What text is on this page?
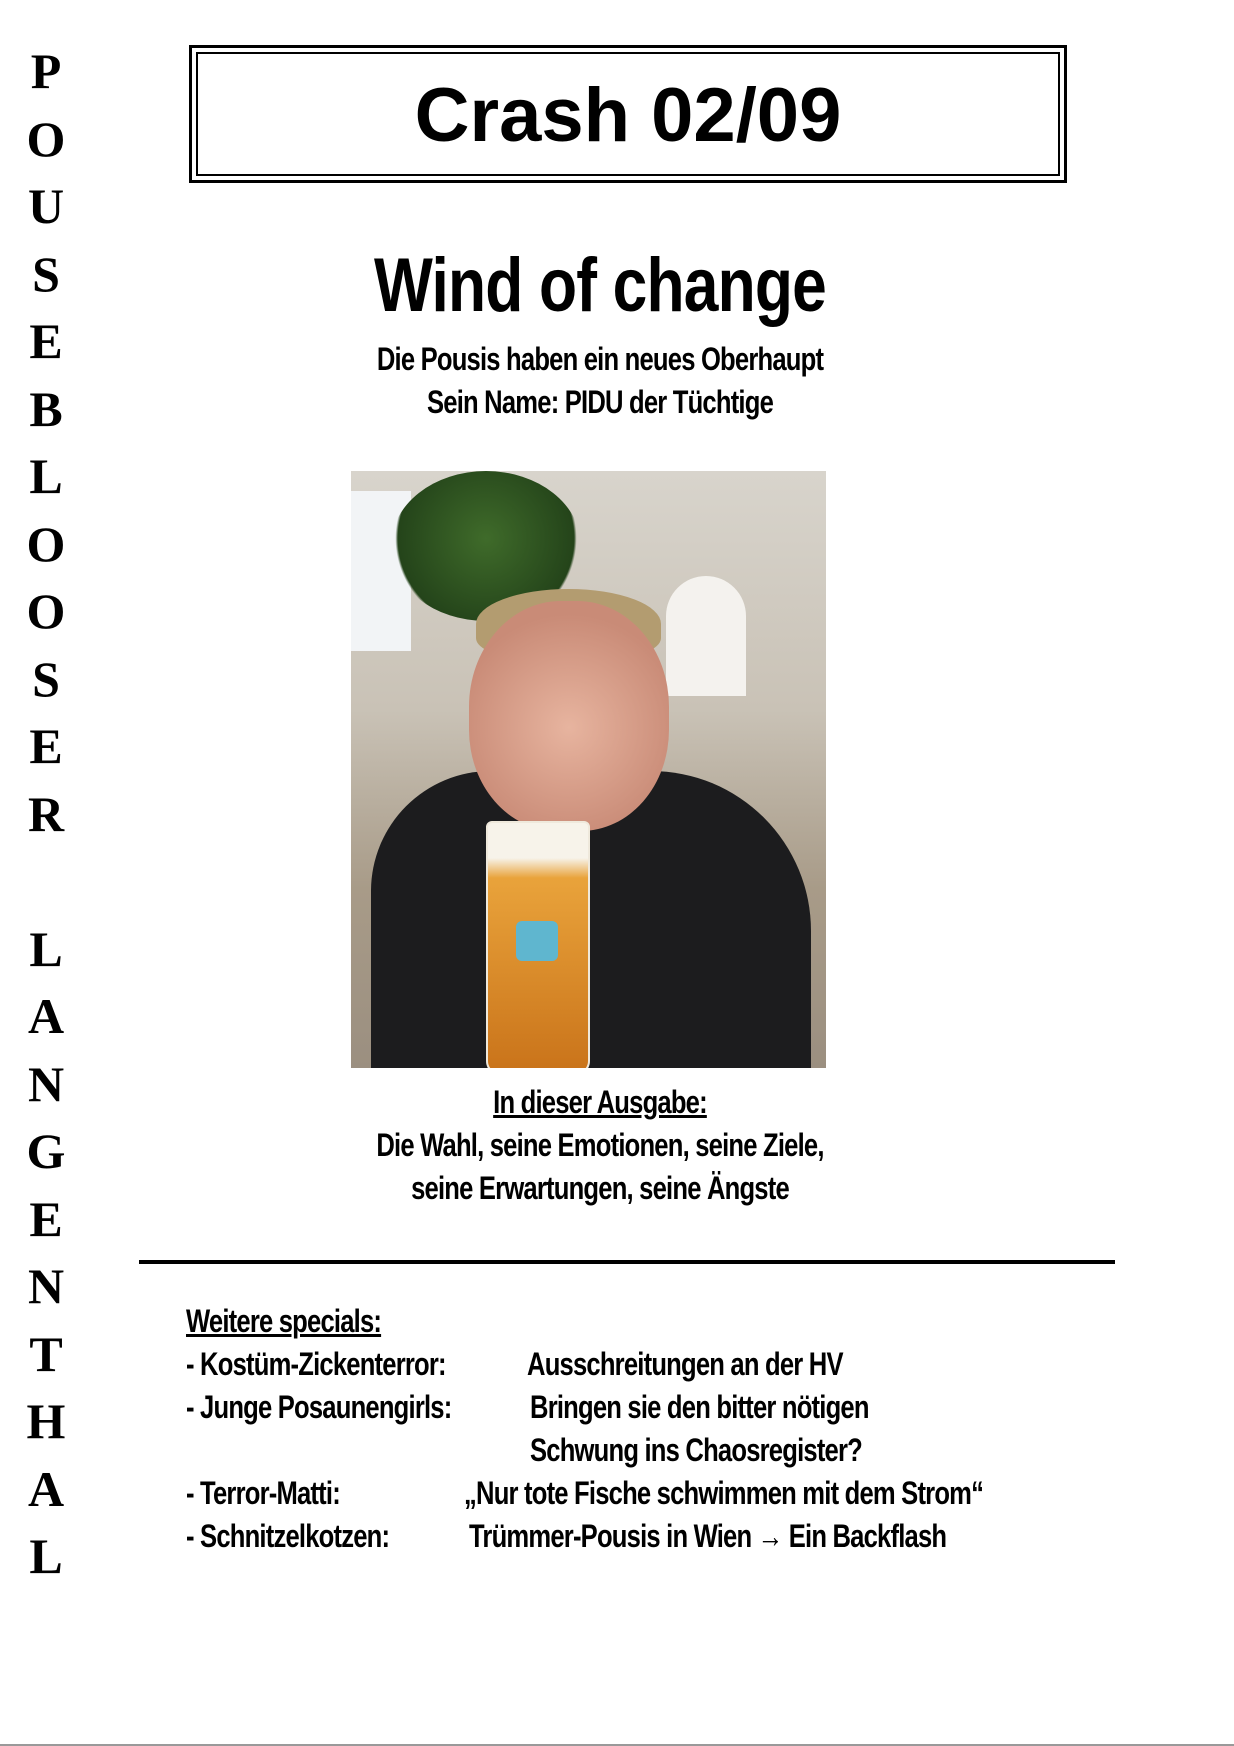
P
O
U
S
E
B
L
O
O
S
E
R
L
A
N
G
E
N
T
H
A
L
Crash 02/09
Wind of change
Die Pousis haben ein neues Oberhaupt
Sein Name: PIDU der Tüchtige
In dieser Ausgabe:
Die Wahl, seine Emotionen, seine Ziele,
seine Erwartungen, seine Ängste
Weitere specials:
- Kostüm-Zickenterror:	Ausschreitungen an der HV
- Junge Posaunengirls: Bringen sie den bitter nötigen
Schwung ins Chaosregister?
- Terror-Matti:	„Nur tote Fische schwimmen mit dem Strom“
- Schnitzelkotzen: Trümmer-Pousis in Wien → Ein Backflash
